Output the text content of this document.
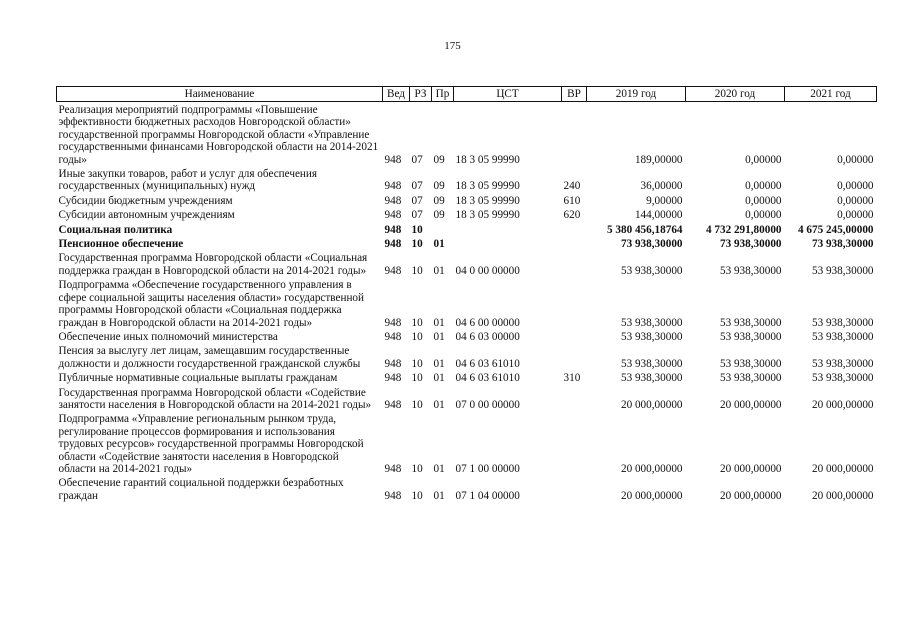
175
Наименование	Вед	РЗ	Пр	ЦСТ	ВР	2019 год	2020 год	2021 год
Реализация мероприятий подпрограммы «Повышение эффективности бюджетных расходов Новгородской области» государственной программы Новгородской области «Управление государственными финансами Новгородской области на 2014-2021 годы»	948	07	09	18 3 05 99990		189,00000	0,00000	0,00000
Иные закупки товаров, работ и услуг для обеспечения государственных (муниципальных) нужд	948	07	09	18 3 05 99990	240	36,00000	0,00000	0,00000
Субсидии бюджетным учреждениям	948	07	09	18 3 05 99990	610	9,00000	0,00000	0,00000
Субсидии автономным учреждениям	948	07	09	18 3 05 99990	620	144,00000	0,00000	0,00000
Социальная политика	948	10				5 380 456,18764	4 732 291,80000	4 675 245,00000
Пенсионное обеспечение	948	10	01			73 938,30000	73 938,30000	73 938,30000
Государственная программа Новгородской области «Социальная поддержка граждан в Новгородской области на 2014-2021 годы»	948	10	01	04 0 00 00000		53 938,30000	53 938,30000	53 938,30000
Подпрограмма «Обеспечение государственного управления в сфере социальной защиты населения области» государственной программы Новгородской области «Социальная поддержка граждан в Новгородской области на 2014-2021 годы»	948	10	01	04 6 00 00000		53 938,30000	53 938,30000	53 938,30000
Обеспечение иных полномочий министерства	948	10	01	04 6 03 00000		53 938,30000	53 938,30000	53 938,30000
Пенсия за выслугу лет лицам, замещавшим государственные должности и должности государственной гражданской службы	948	10	01	04 6 03 61010		53 938,30000	53 938,30000	53 938,30000
Публичные нормативные социальные выплаты гражданам	948	10	01	04 6 03 61010	310	53 938,30000	53 938,30000	53 938,30000
Государственная программа Новгородской области «Содействие занятости населения в Новгородской области на 2014-2021 годы»	948	10	01	07 0 00 00000		20 000,00000	20 000,00000	20 000,00000
Подпрограмма «Управление региональным рынком труда, регулирование процессов формирования и использования трудовых ресурсов» государственной программы Новгородской области «Содействие занятости населения в Новгородской области на 2014-2021 годы»	948	10	01	07 1 00 00000		20 000,00000	20 000,00000	20 000,00000
Обеспечение гарантий социальной поддержки безработных граждан	948	10	01	07 1 04 00000		20 000,00000	20 000,00000	20 000,00000
